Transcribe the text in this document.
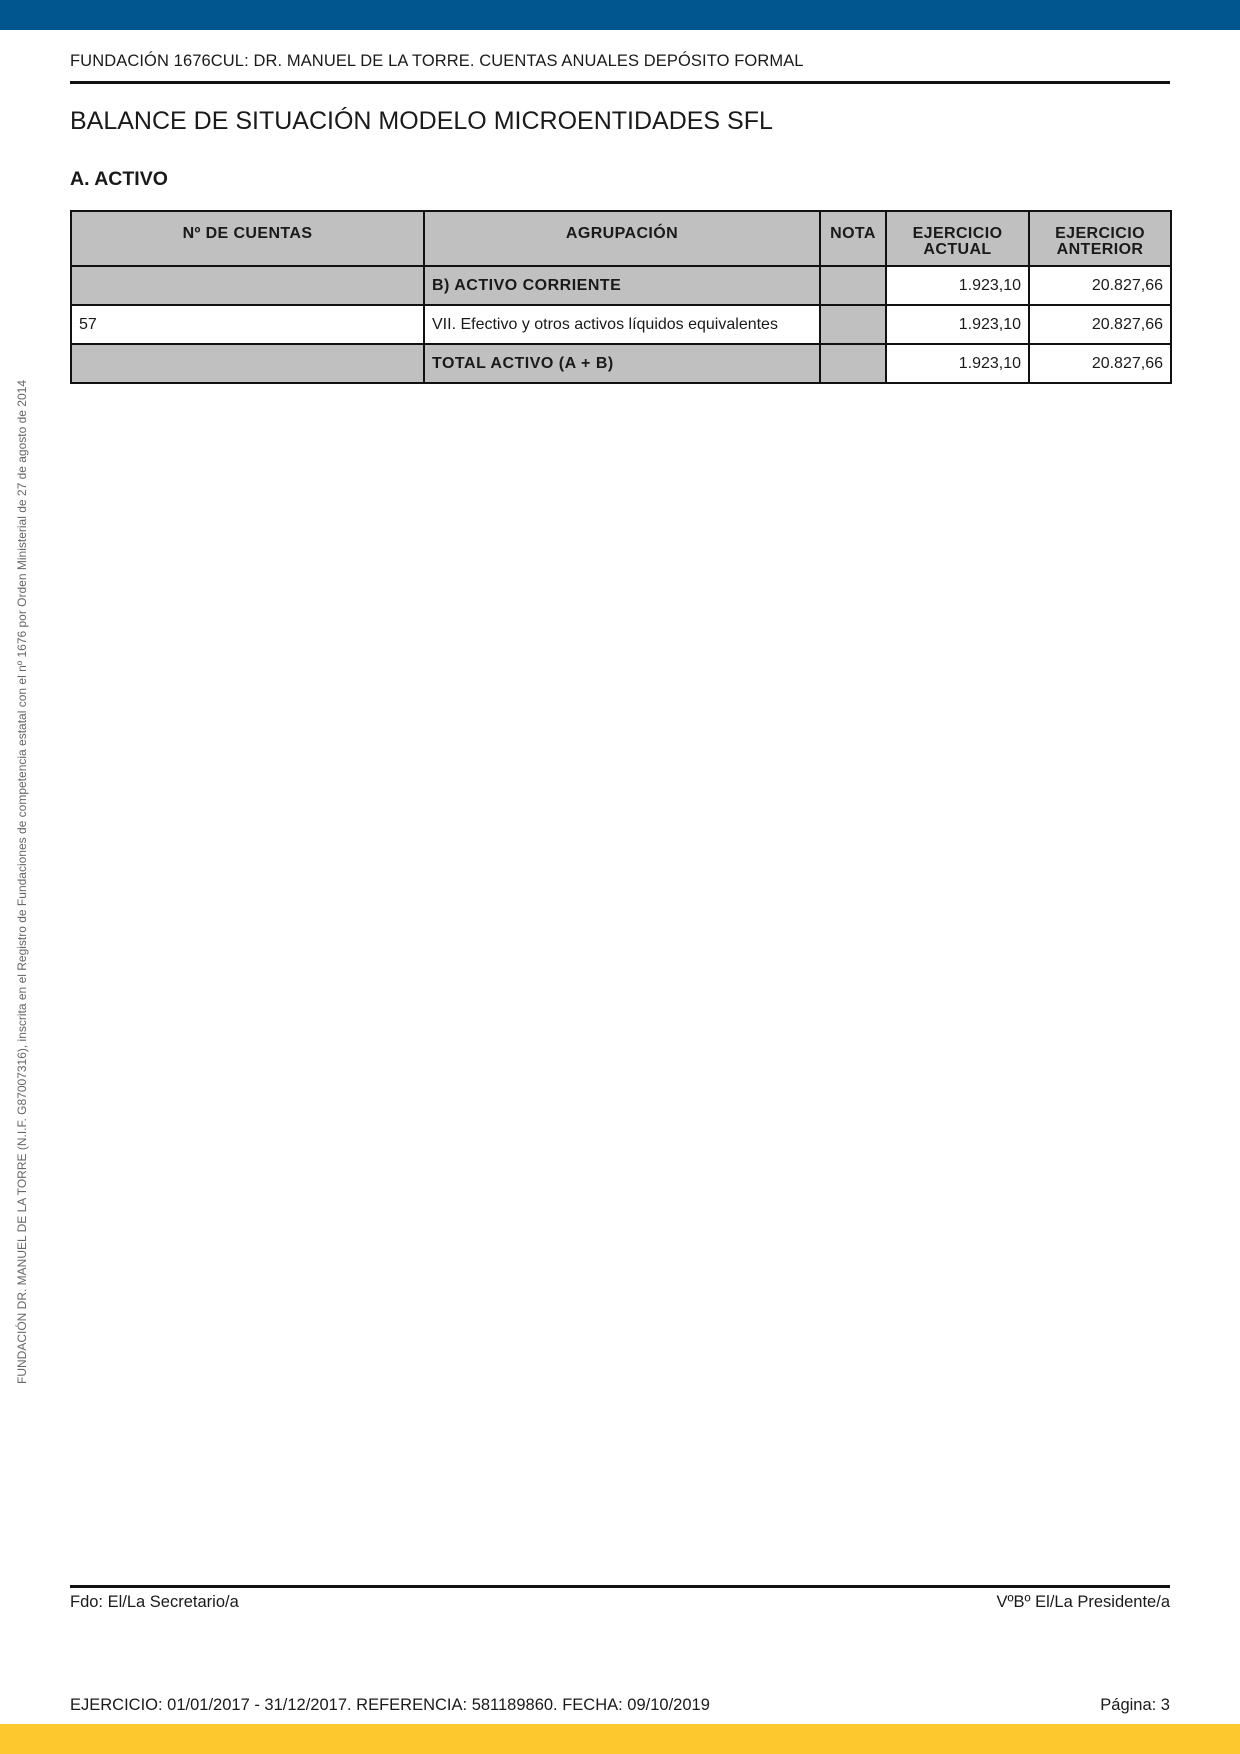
FUNDACIÓN 1676CUL: DR. MANUEL DE LA TORRE. CUENTAS ANUALES DEPÓSITO FORMAL
BALANCE DE SITUACIÓN MODELO MICROENTIDADES SFL
A. ACTIVO
FUNDACIÓN DR. MANUEL DE LA TORRE (N.I.F. G87007316), inscrita en el Registro de Fundaciones de competencia estatal con el nº 1676 por Orden Ministerial de 27 de agosto de 2014
Nº DE CUENTAS	AGRUPACIÓN	NOTA	EJERCICIO ACTUAL	EJERCICIO ANTERIOR
	B) ACTIVO CORRIENTE		1.923,10	20.827,66
57	VII. Efectivo y otros activos líquidos equivalentes		1.923,10	20.827,66
	TOTAL ACTIVO (A + B)		1.923,10	20.827,66
Fdo: El/La Secretario/a	VºBº El/La Presidente/a
EJERCICIO: 01/01/2017 - 31/12/2017. REFERENCIA: 581189860. FECHA: 09/10/2019	Página: 3
